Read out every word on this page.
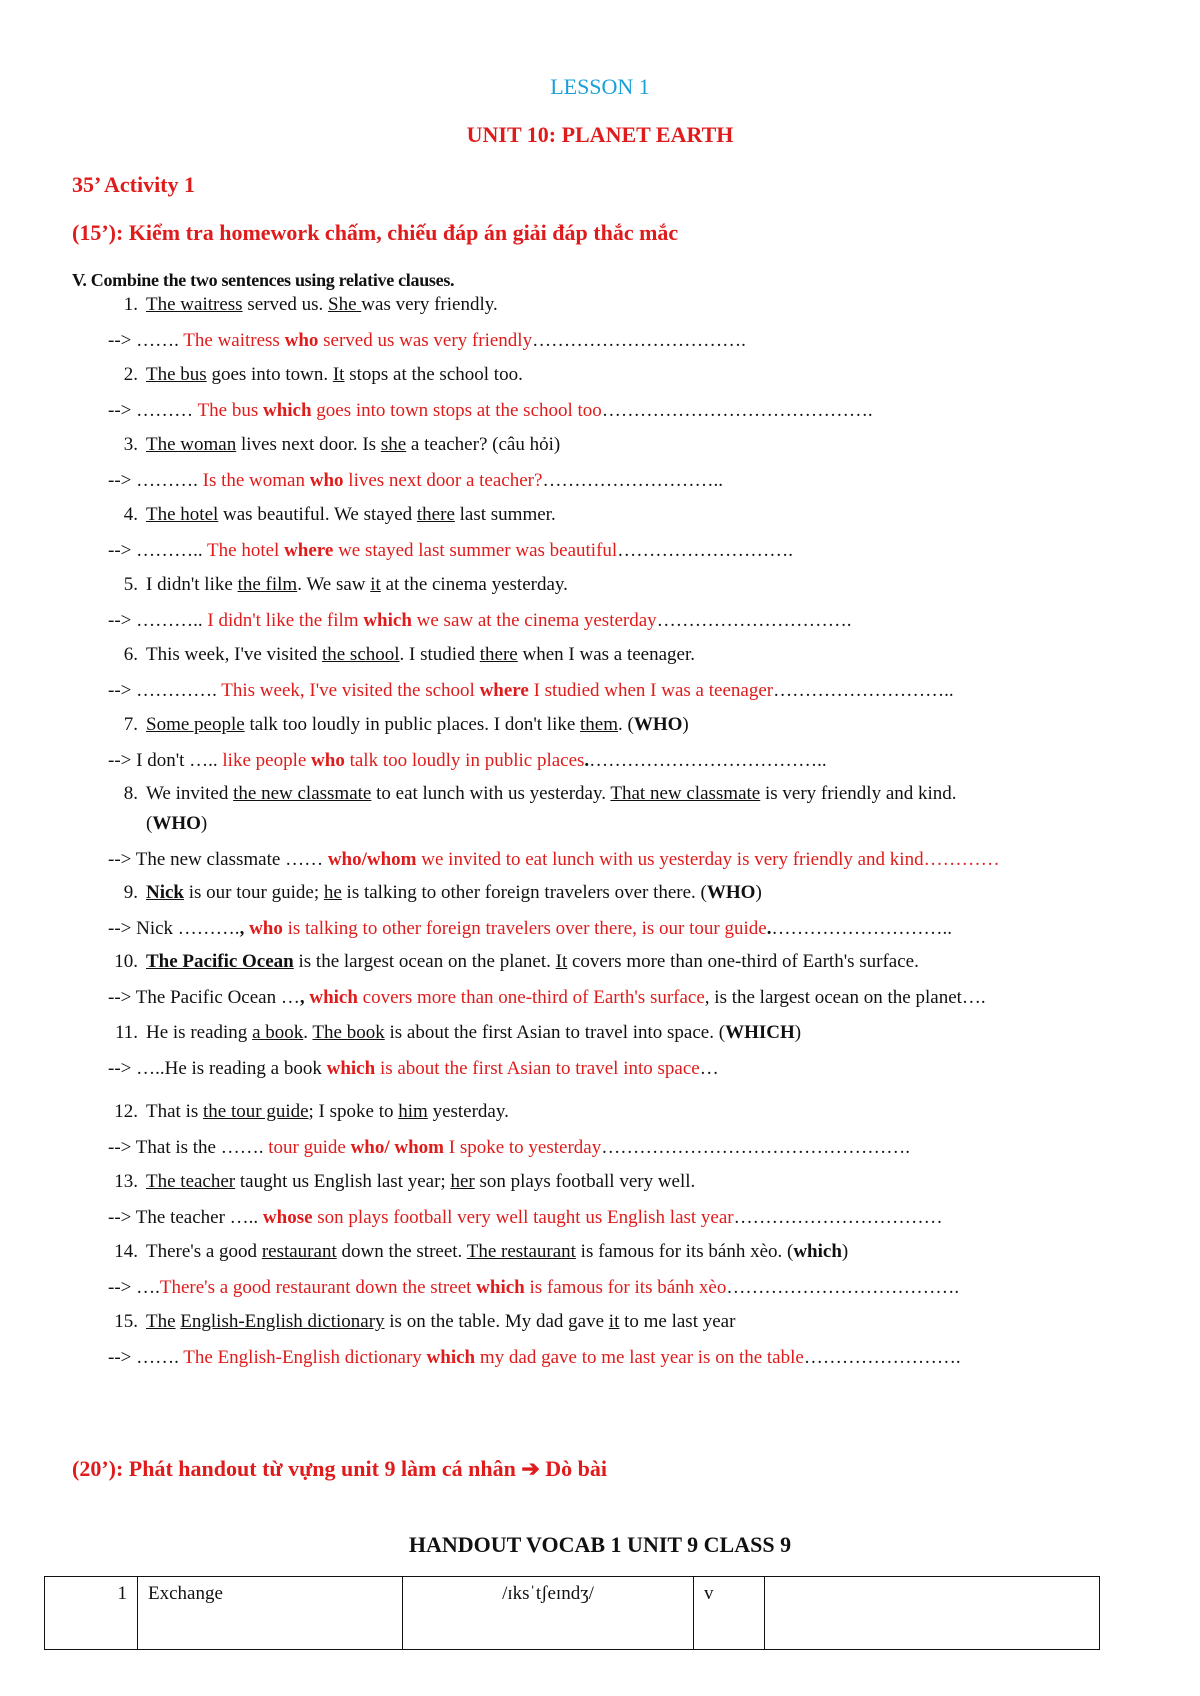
LESSON 1
UNIT 10: PLANET EARTH
35’ Activity 1
(15’): Kiểm tra homework chấm, chiếu đáp án giải đáp thắc mắc
V. Combine the two sentences using relative clauses.
1. The waitress served us. She was very friendly.
--> ……. The waitress who served us was very friendly…………………………….
2. The bus goes into town. It stops at the school too.
--> ……… The bus which goes into town stops at the school too…………………………………….
3. The woman lives next door. Is she a teacher? (câu hỏi)
--> ………. Is the woman who lives next door a teacher?………………………..
4. The hotel was beautiful. We stayed there last summer.
--> ……….. The hotel where we stayed last summer was beautiful……………………….
5. I didn't like the film. We saw it at the cinema yesterday.
--> ……….. I didn't like the film which we saw at the cinema yesterday………………………….
6. This week, I've visited the school. I studied there when I was a teenager.
--> …………. This week, I've visited the school where I studied when I was a teenager………………………..
7. Some people talk too loudly in public places. I don't like them. (WHO)
--> I don't ….. like people who talk too loudly in public places.………………………………..
8. We invited the new classmate to eat lunch with us yesterday. That new classmate is very friendly and kind.
(WHO)
--> The new classmate …… who/whom we invited to eat lunch with us yesterday is very friendly and kind…………
9. Nick is our tour guide; he is talking to other foreign travelers over there. (WHO)
--> Nick ………., who is talking to other foreign travelers over there, is our tour guide.………………………..
10. The Pacific Ocean is the largest ocean on the planet. It covers more than one-third of Earth's surface.
--> The Pacific Ocean …, which covers more than one-third of Earth's surface, is the largest ocean on the planet….
11. He is reading a book. The book is about the first Asian to travel into space. (WHICH)
--> …..He is reading a book which is about the first Asian to travel into space…
12. That is the tour guide; I spoke to him yesterday.
--> That is the ……. tour guide who/ whom I spoke to yesterday………………………………………….
13. The teacher taught us English last year; her son plays football very well.
--> The teacher ….. whose son plays football very well taught us English last year……………………………
14. There's a good restaurant down the street. The restaurant is famous for its bánh xèo. (which)
--> ….There's a good restaurant down the street which is famous for its bánh xèo……………………………….
15. The English-English dictionary is on the table. My dad gave it to me last year
--> ……. The English-English dictionary which my dad gave to me last year is on the table…………………….
(20’): Phát handout từ vựng unit 9 làm cá nhân ➔ Dò bài
HANDOUT VOCAB 1 UNIT 9 CLASS 9
1	Exchange	/ɪksˈtʃeɪndʒ/	v	
